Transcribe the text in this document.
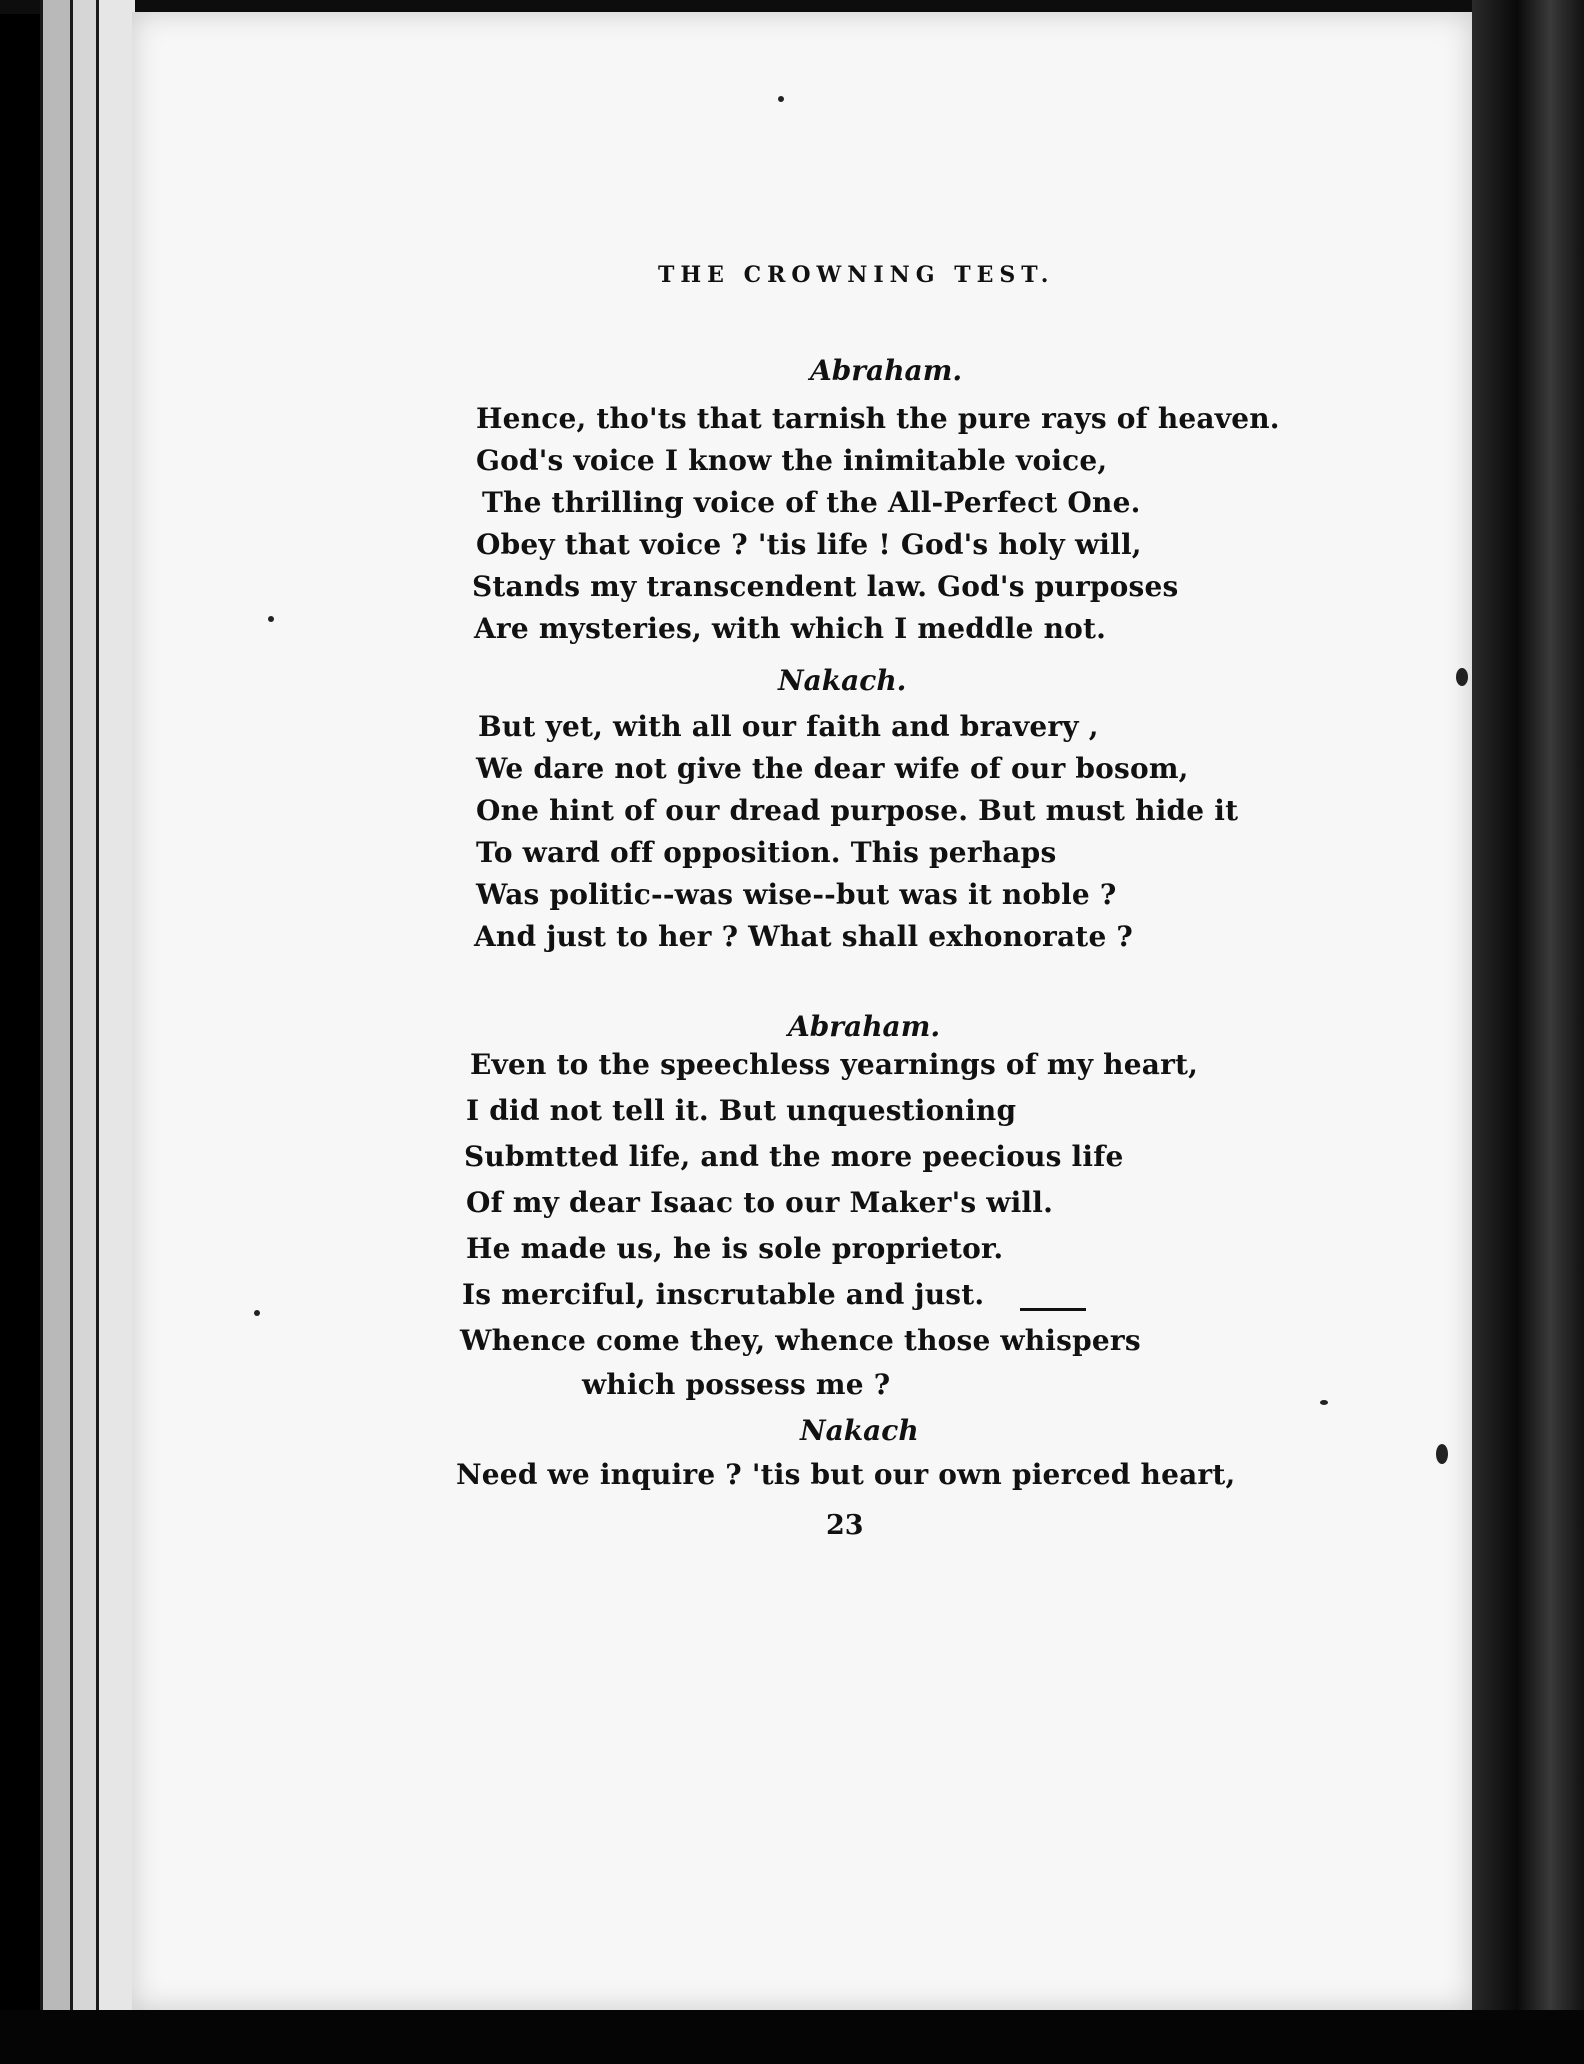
THE CROWNING TEST.
Abraham.
Hence, tho'ts that tarnish the pure rays of heaven.
God's voice I know the inimitable voice,
The thrilling voice of the All-Perfect One.
Obey that voice ? 'tis life ! God's holy will,
Stands my transcendent law. God's purposes
Are mysteries, with which I meddle not.
Nakach.
But yet, with all our faith and bravery ,
We dare not give the dear wife of our bosom,
One hint of our dread purpose. But must hide it
To ward off opposition. This perhaps
Was politic--was wise--but was it noble ?
And just to her ? What shall exhonorate ?
Abraham.
Even to the speechless yearnings of my heart,
I did not tell it. But unquestioning
Submtted life, and the more peecious life
Of my dear Isaac to our Maker's will.
He made us, he is sole proprietor.
Is merciful, inscrutable and just.
Whence come they, whence those whispers
which possess me ?
Nakach
Need we inquire ? 'tis but our own pierced heart,
23
